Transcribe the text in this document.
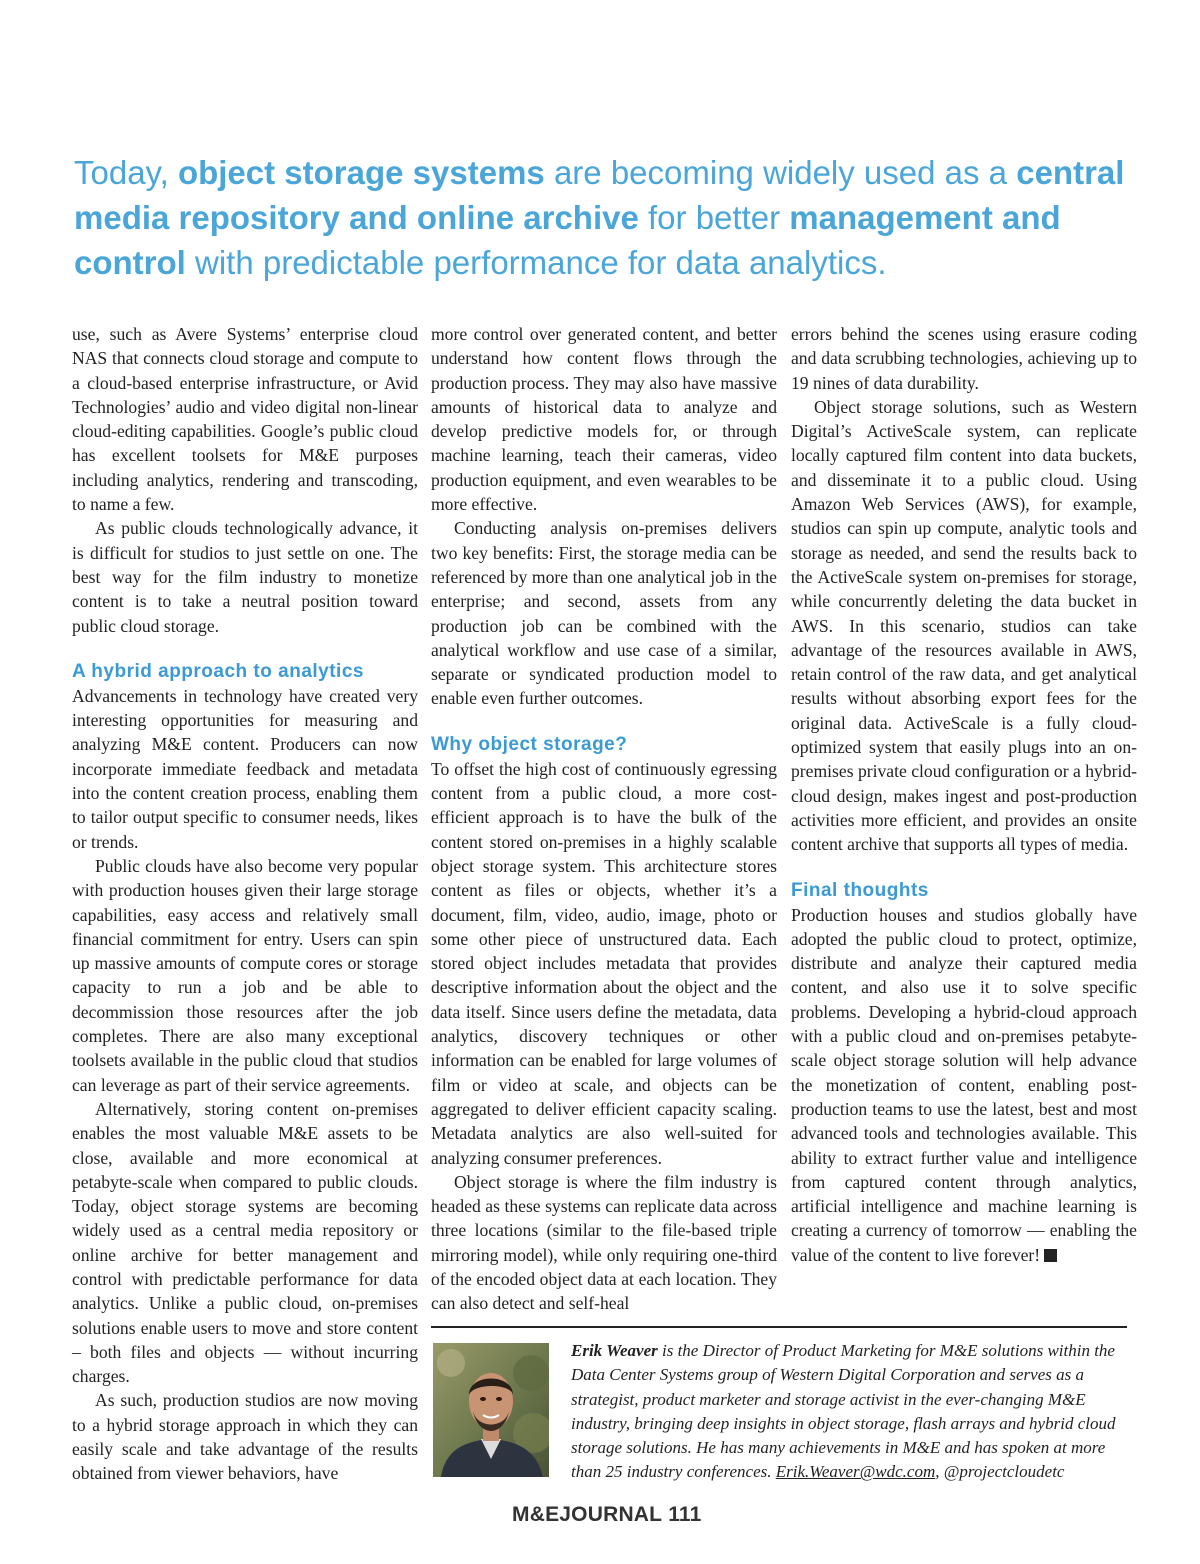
Today, object storage systems are becoming widely used as a central media repository and online archive for better management and control with predictable performance for data analytics.

use, such as Avere Systems’ enterprise cloud NAS that connects cloud storage and compute to a cloud-based enterprise infrastructure, or Avid Technologies’ audio and video digital non-linear cloud-editing capabilities. Google’s public cloud has excellent toolsets for M&E purposes including analytics, rendering and transcoding, to name a few.

As public clouds technologically advance, it is difficult for studios to just settle on one. The best way for the film industry to monetize content is to take a neutral position toward public cloud storage.

A hybrid approach to analytics

Advancements in technology have created very interesting opportunities for measuring and analyzing M&E content. Producers can now incorporate immediate feedback and metadata into the content creation process, enabling them to tailor output specific to consumer needs, likes or trends.

Public clouds have also become very popular with production houses given their large storage capabilities, easy access and relatively small financial commitment for entry. Users can spin up massive amounts of compute cores or storage capacity to run a job and be able to decommission those resources after the job completes. There are also many exceptional toolsets available in the public cloud that studios can leverage as part of their service agreements.

Alternatively, storing content on-premises enables the most valuable M&E assets to be close, available and more economical at petabyte-scale when compared to public clouds. Today, object storage systems are becoming widely used as a central media repository or online archive for better management and control with predictable performance for data analytics. Unlike a public cloud, on-premises solutions enable users to move and store content – both files and objects — without incurring charges.

As such, production studios are now moving to a hybrid storage approach in which they can easily scale and take advantage of the results obtained from viewer behaviors, have

more control over generated content, and better understand how content flows through the production process. They may also have massive amounts of historical data to analyze and develop predictive models for, or through machine learning, teach their cameras, video production equipment, and even wearables to be more effective.

Conducting analysis on-premises delivers two key benefits: First, the storage media can be referenced by more than one analytical job in the enterprise; and second, assets from any production job can be combined with the analytical workflow and use case of a similar, separate or syndicated production model to enable even further outcomes.

Why object storage?

To offset the high cost of continuously egressing content from a public cloud, a more cost-efficient approach is to have the bulk of the content stored on-premises in a highly scalable object storage system. This architecture stores content as files or objects, whether it’s a document, film, video, audio, image, photo or some other piece of unstructured data. Each stored object includes metadata that provides descriptive information about the object and the data itself. Since users define the metadata, data analytics, discovery techniques or other information can be enabled for large volumes of film or video at scale, and objects can be aggregated to deliver efficient capacity scaling. Metadata analytics are also well-suited for analyzing consumer preferences.

Object storage is where the film industry is headed as these systems can replicate data across three locations (similar to the file-based triple mirroring model), while only requiring one-third of the encoded object data at each location. They can also detect and self-heal

errors behind the scenes using erasure coding and data scrubbing technologies, achieving up to 19 nines of data durability.

Object storage solutions, such as Western Digital’s ActiveScale system, can replicate locally captured film content into data buckets, and disseminate it to a public cloud. Using Amazon Web Services (AWS), for example, studios can spin up compute, analytic tools and storage as needed, and send the results back to the ActiveScale system on-premises for storage, while concurrently deleting the data bucket in AWS. In this scenario, studios can take advantage of the resources available in AWS, retain control of the raw data, and get analytical results without absorbing export fees for the original data. ActiveScale is a fully cloud-optimized system that easily plugs into an on-premises private cloud configuration or a hybrid-cloud design, makes ingest and post-production activities more efficient, and provides an onsite content archive that supports all types of media.

Final thoughts

Production houses and studios globally have adopted the public cloud to protect, optimize, distribute and analyze their captured media content, and also use it to solve specific problems. Developing a hybrid-cloud approach with a public cloud and on-premises petabyte-scale object storage solution will help advance the monetization of content, enabling post-production teams to use the latest, best and most advanced tools and technologies available. This ability to extract further value and intelligence from captured content through analytics, artificial intelligence and machine learning is creating a currency of tomorrow — enabling the value of the content to live forever!

Erik Weaver is the Director of Product Marketing for M&E solutions within the Data Center Systems group of Western Digital Corporation and serves as a strategist, product marketer and storage activist in the ever-changing M&E industry, bringing deep insights in object storage, flash arrays and hybrid cloud storage solutions. He has many achievements in M&E and has spoken at more than 25 industry conferences. Erik.Weaver@wdc.com, @projectcloudetc

M&EJOURNAL 111
